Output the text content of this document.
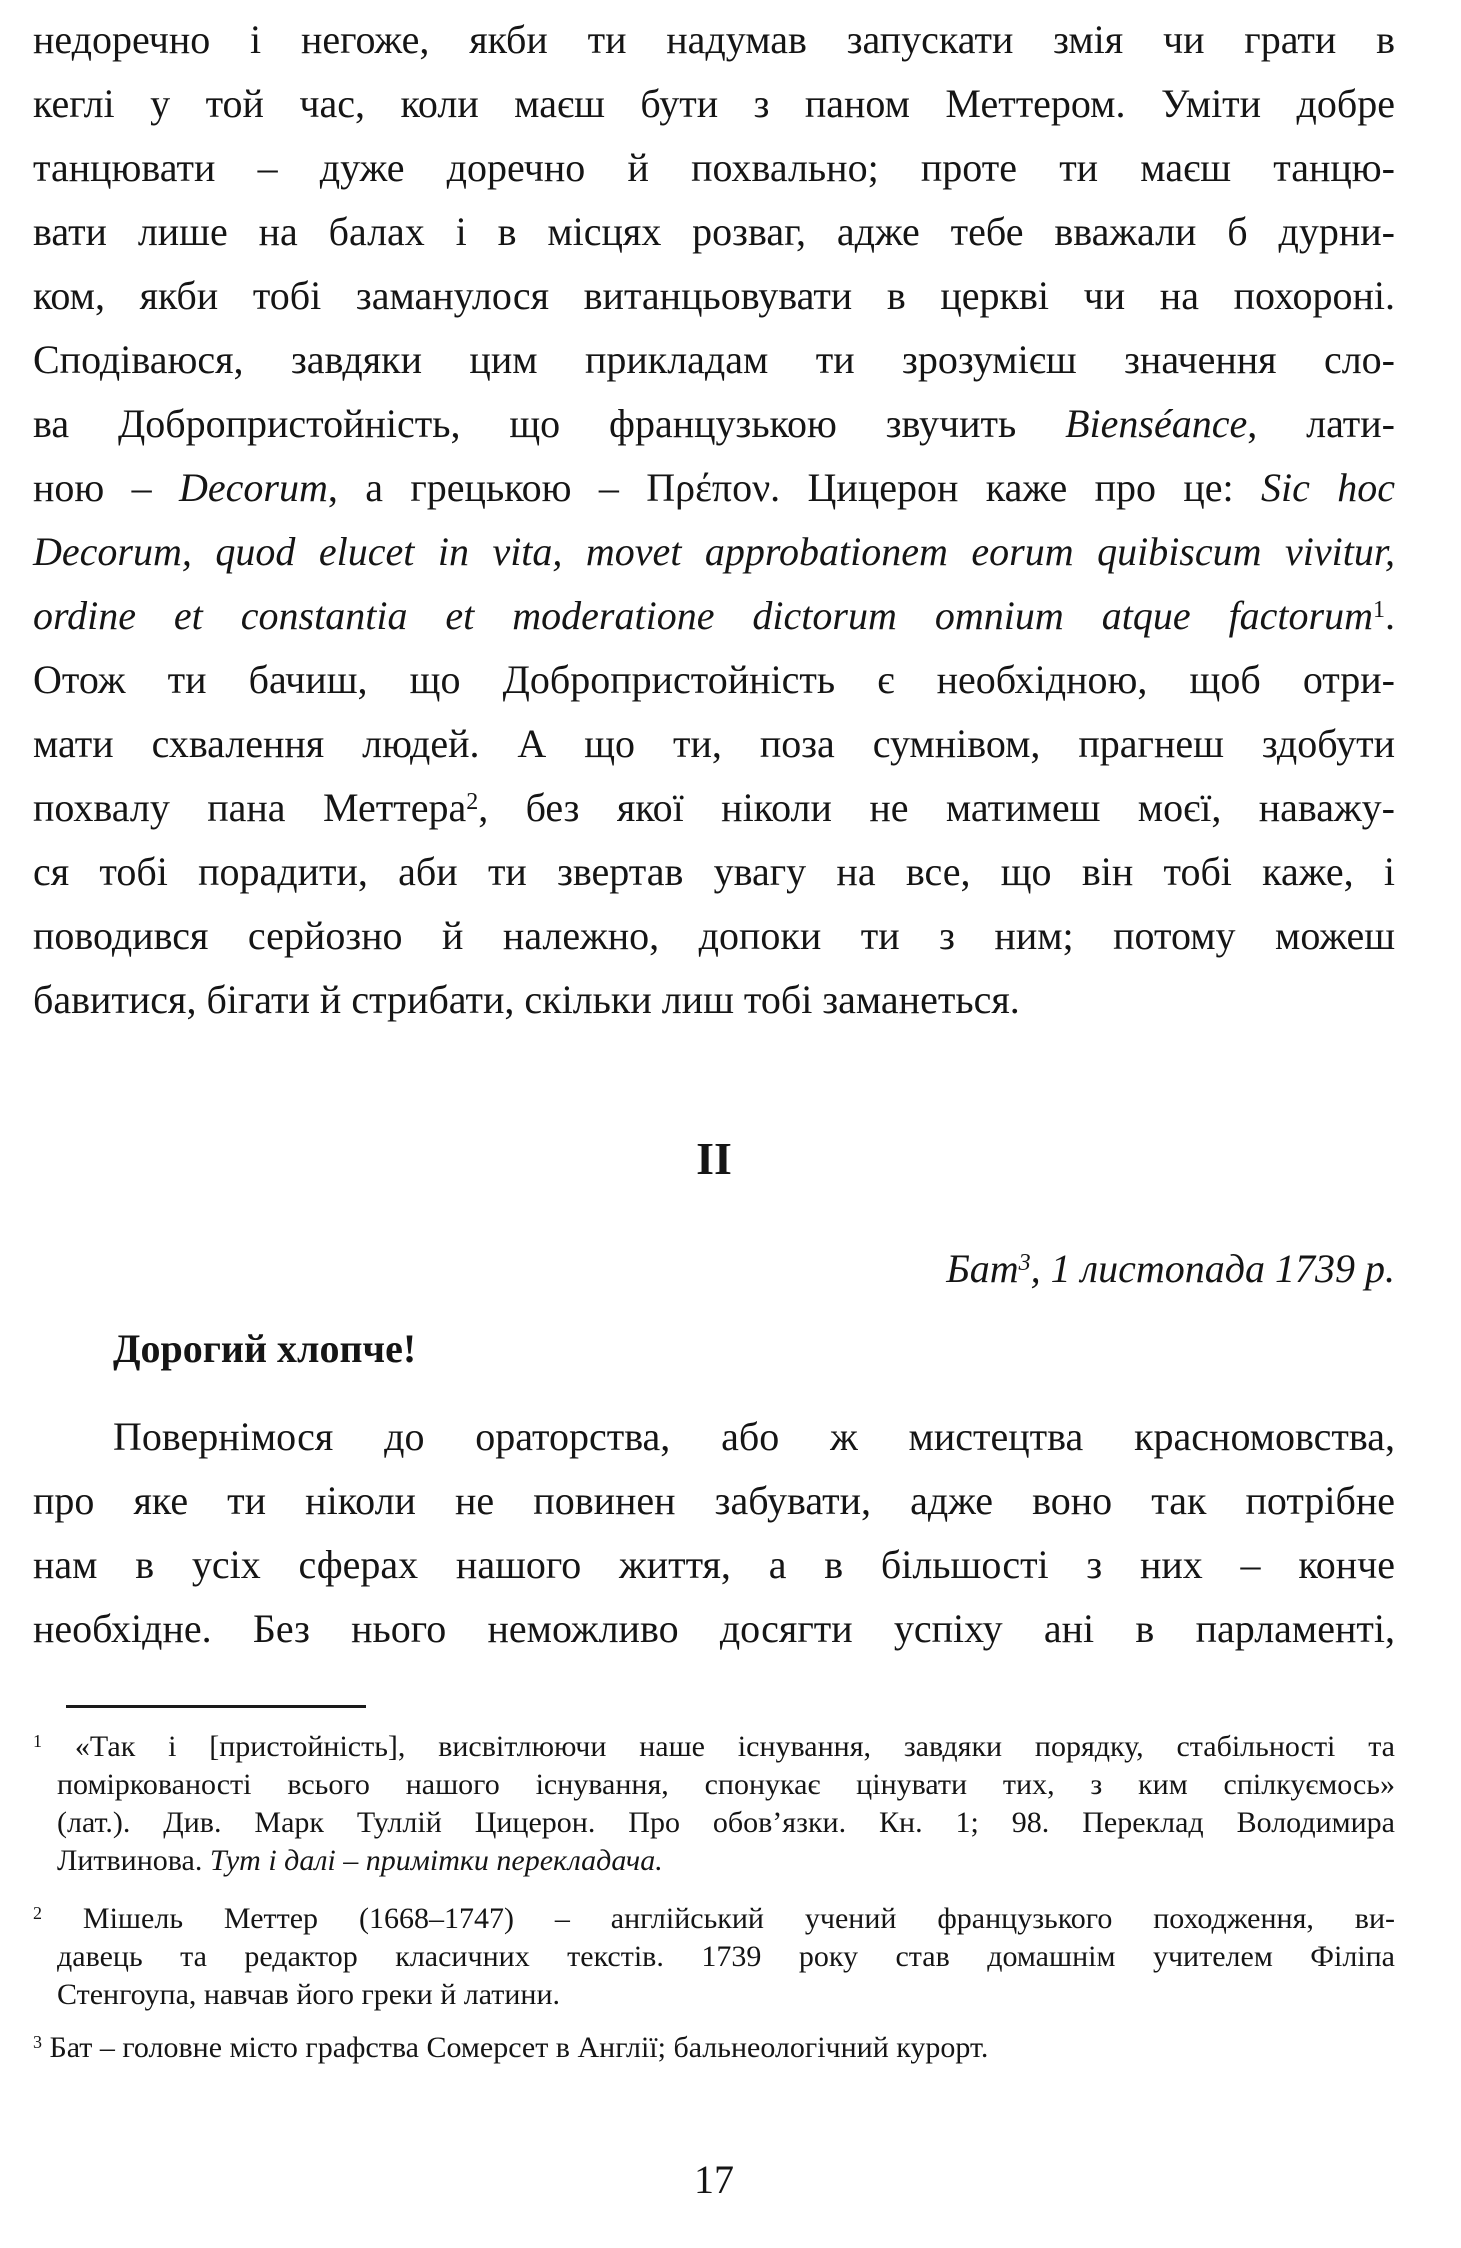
недоречно і негоже, якби ти надумав запускати змія чи грати в
кеглі у той час, коли маєш бути з паном Меттером. Уміти добре
танцювати – дуже доречно й похвально; проте ти маєш танцю-
вати лише на балах і в місцях розваг, адже тебе вважали б дурни-
ком, якби тобі заманулося витанцьовувати в церкві чи на похороні.
Сподіваюся, завдяки цим прикладам ти зрозумієш значення сло-
ва Добропристойність, що французькою звучить Bienséance, лати-
ною – Decorum, а грецькою – Πρέπον. Цицерон каже про це: Sic hoc
Decorum, quod elucet in vita, movet approbationem eorum quibiscum vivitur,
ordine et constantia et moderatione dictorum omnium atque factorum$^1$.
Отож ти бачиш, що Добропристойність є необхідною, щоб отри-
мати схвалення людей. А що ти, поза сумнівом, прагнеш здобути
похвалу пана Меттера$^2$, без якої ніколи не матимеш моєї, наважу-
ся тобі порадити, аби ти звертав увагу на все, що він тобі каже, і
поводився серйозно й належно, допоки ти з ним; потому можеш
бавитися, бігати й стрибати, скільки лиш тобі заманеться.
II
Бат$^3$, 1 листопада 1739 р.
Дорогий хлопче!
Повернімося до ораторства, або ж мистецтва красномовства,
про яке ти ніколи не повинен забувати, адже воно так потрібне
нам в усіх сферах нашого життя, а в більшості з них – конче
необхідне. Без нього неможливо досягти успіху ані в парламенті,
$^1$ «Так і [пристойність], висвітлюючи наше існування, завдяки порядку, стабільності та
поміркованості всього нашого існування, спонукає цінувати тих, з ким спілкуємось»
(лат.). Див. Марк Туллій Цицерон. Про обов’язки. Кн. 1; 98. Переклад Володимира
Литвинова. Тут і далі – примітки перекладача.
$^2$ Мішель Меттер (1668–1747) – англійський учений французького походження, ви-
давець та редактор класичних текстів. 1739 року став домашнім учителем Філіпа
Стенгоупа, навчав його греки й латини.
$^3$ Бат – головне місто графства Сомерсет в Англії; бальнеологічний курорт.
17
